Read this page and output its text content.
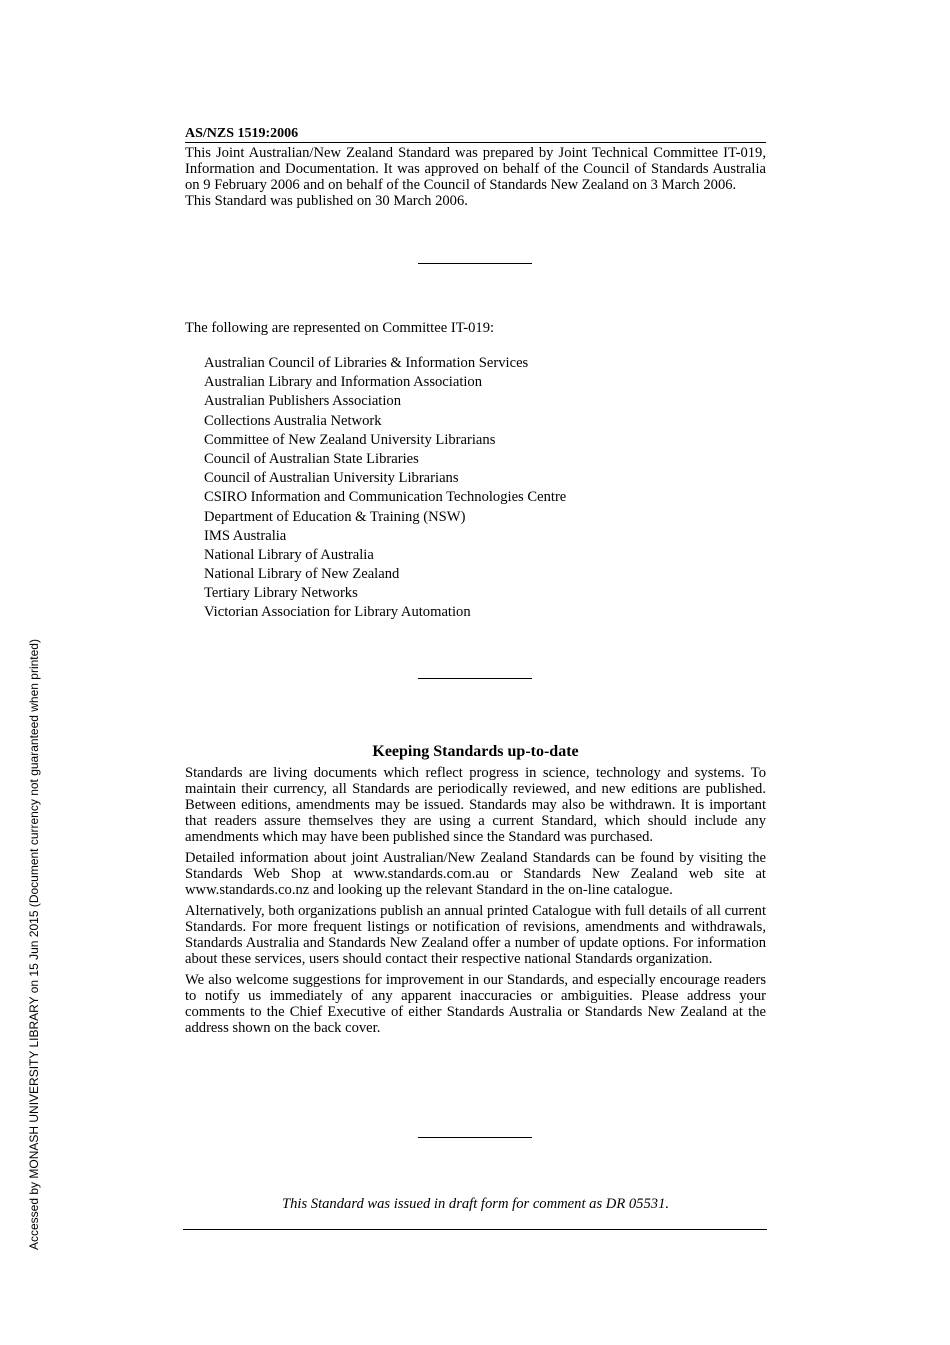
Accessed by MONASH UNIVERSITY LIBRARY on 15 Jun 2015 (Document currency not guaranteed when printed)
AS/NZS 1519:2006

This Joint Australian/New Zealand Standard was prepared by Joint Technical Committee IT-019, Information and Documentation. It was approved on behalf of the Council of Standards Australia on 9 February 2006 and on behalf of the Council of Standards New Zealand on 3 March 2006.

This Standard was published on 30 March 2006.

The following are represented on Committee IT-019:
Australian Council of Libraries & Information Services
Australian Library and Information Association
Australian Publishers Association
Collections Australia Network
Committee of New Zealand University Librarians
Council of Australian State Libraries
Council of Australian University Librarians
CSIRO Information and Communication Technologies Centre
Department of Education & Training (NSW)
IMS Australia
National Library of Australia
National Library of New Zealand
Tertiary Library Networks
Victorian Association for Library Automation
Keeping Standards up-to-date

Standards are living documents which reflect progress in science, technology and systems. To maintain their currency, all Standards are periodically reviewed, and new editions are published. Between editions, amendments may be issued. Standards may also be withdrawn. It is important that readers assure themselves they are using a current Standard, which should include any amendments which may have been published since the Standard was purchased.

Detailed information about joint Australian/New Zealand Standards can be found by visiting the Standards Web Shop at www.standards.com.au or Standards New Zealand web site at www.standards.co.nz and looking up the relevant Standard in the on-line catalogue.

Alternatively, both organizations publish an annual printed Catalogue with full details of all current Standards. For more frequent listings or notification of revisions, amendments and withdrawals, Standards Australia and Standards New Zealand offer a number of update options. For information about these services, users should contact their respective national Standards organization.

We also welcome suggestions for improvement in our Standards, and especially encourage readers to notify us immediately of any apparent inaccuracies or ambiguities. Please address your comments to the Chief Executive of either Standards Australia or Standards New Zealand at the address shown on the back cover.

This Standard was issued in draft form for comment as DR 05531.
